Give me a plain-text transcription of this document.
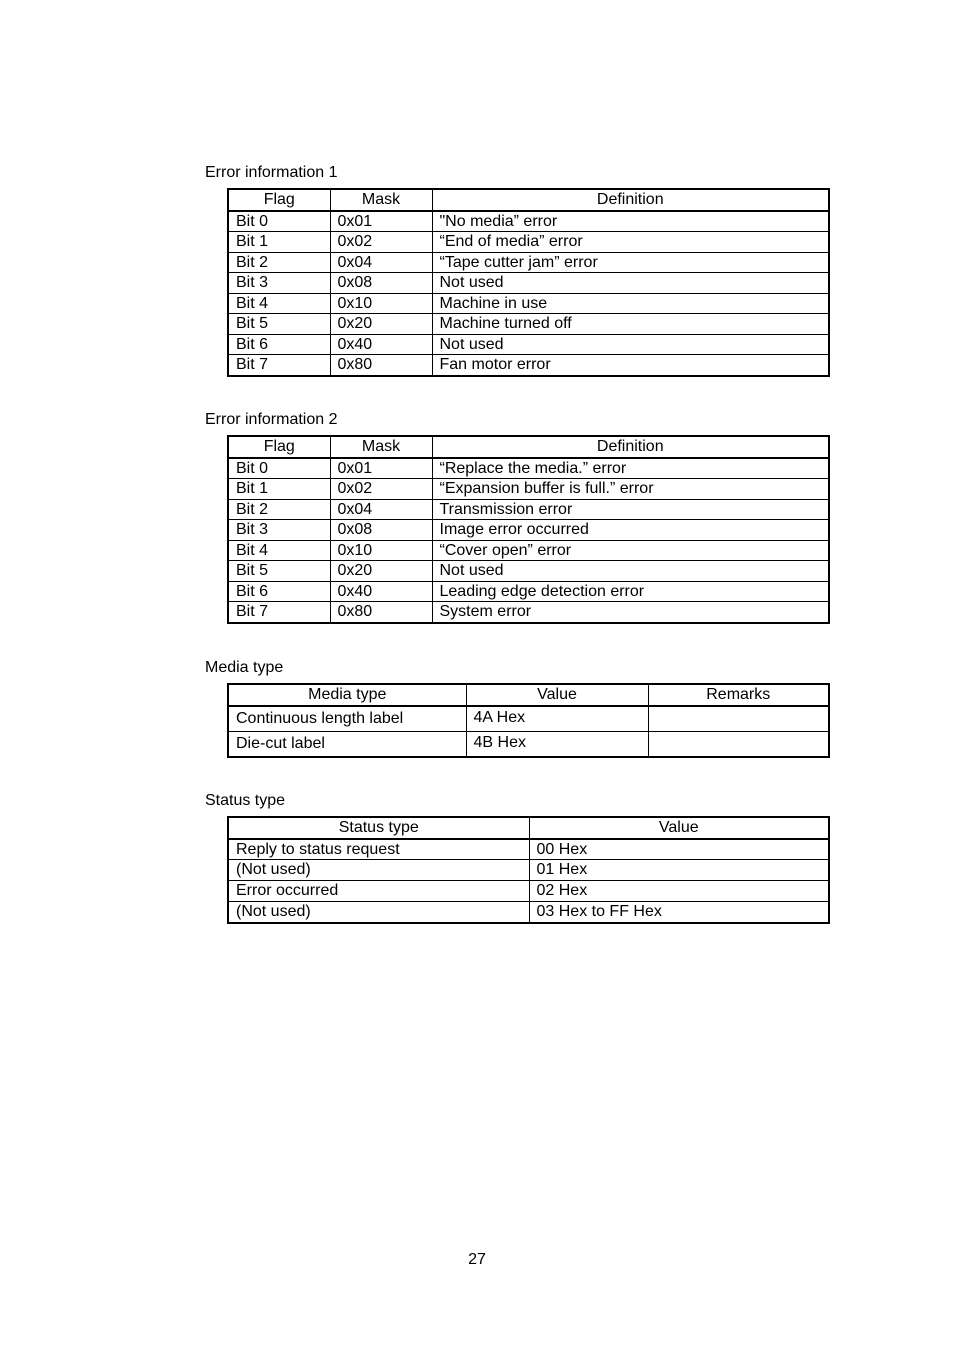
Error information 1
Flag	Mask	Definition
Bit 0	0x01	"No media” error
Bit 1	0x02	“End of media” error
Bit 2	0x04	“Tape cutter jam” error
Bit 3	0x08	Not used
Bit 4	0x10	Machine in use
Bit 5	0x20	Machine turned off
Bit 6	0x40	Not used
Bit 7	0x80	Fan motor error
Error information 2
Flag	Mask	Definition
Bit 0	0x01	“Replace the media.” error
Bit 1	0x02	“Expansion buffer is full.” error
Bit 2	0x04	Transmission error
Bit 3	0x08	Image error occurred
Bit 4	0x10	“Cover open” error
Bit 5	0x20	Not used
Bit 6	0x40	Leading edge detection error
Bit 7	0x80	System error
Media type
Media type	Value	Remarks
Continuous length label	4A Hex	
Die-cut label	4B Hex	
Status type
Status type	Value
Reply to status request	00 Hex
(Not used)	01 Hex
Error occurred	02 Hex
(Not used)	03 Hex to FF Hex
27
